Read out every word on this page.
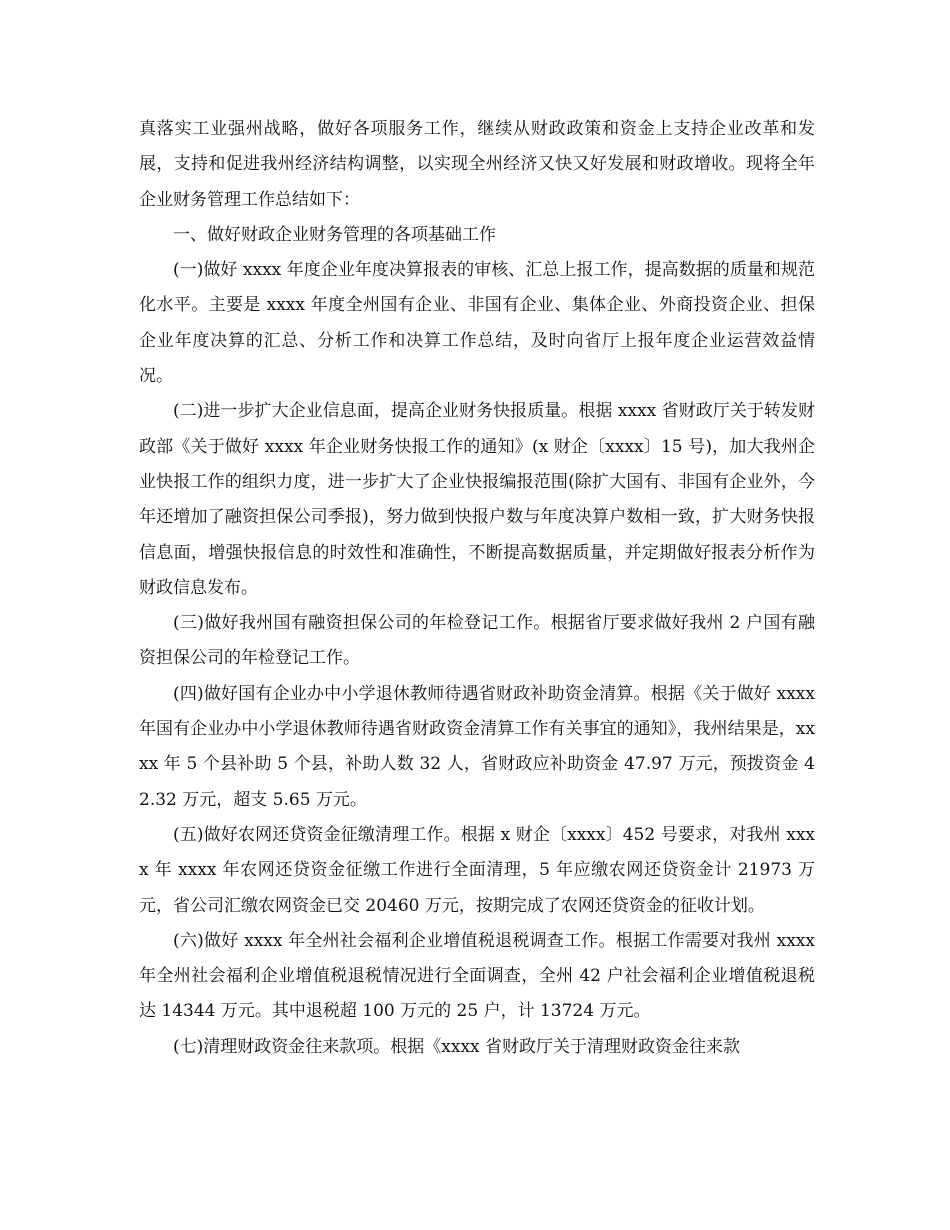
真落实工业强州战略，做好各项服务工作，继续从财政政策和资金上支持企业改革和发展，支持和促进我州经济结构调整，以实现全州经济又快又好发展和财政增收。现将全年企业财务管理工作总结如下：

一、做好财政企业财务管理的各项基础工作

(一)做好 xxxx 年度企业年度决算报表的审核、汇总上报工作，提高数据的质量和规范化水平。主要是 xxxx 年度全州国有企业、非国有企业、集体企业、外商投资企业、担保企业年度决算的汇总、分析工作和决算工作总结，及时向省厅上报年度企业运营效益情况。

(二)进一步扩大企业信息面，提高企业财务快报质量。根据 xxxx 省财政厅关于转发财政部《关于做好 xxxx 年企业财务快报工作的通知》(x 财企〔xxxx〕15 号)，加大我州企业快报工作的组织力度，进一步扩大了企业快报编报范围(除扩大国有、非国有企业外，今年还增加了融资担保公司季报)，努力做到快报户数与年度决算户数相一致，扩大财务快报信息面，增强快报信息的时效性和准确性，不断提高数据质量，并定期做好报表分析作为财政信息发布。

(三)做好我州国有融资担保公司的年检登记工作。根据省厅要求做好我州 2 户国有融资担保公司的年检登记工作。

(四)做好国有企业办中小学退休教师待遇省财政补助资金清算。根据《关于做好 xxxx 年国有企业办中小学退休教师待遇省财政资金清算工作有关事宜的通知》，我州结果是，xxxx 年 5 个县补助 5 个县，补助人数 32 人，省财政应补助资金 47.97 万元，预拨资金 42.32 万元，超支 5.65 万元。

(五)做好农网还贷资金征缴清理工作。根据 x 财企〔xxxx〕452 号要求，对我州 xxxx 年 xxxx 年农网还贷资金征缴工作进行全面清理，5 年应缴农网还贷资金计 21973 万元，省公司汇缴农网资金已交 20460 万元，按期完成了农网还贷资金的征收计划。

(六)做好 xxxx 年全州社会福利企业增值税退税调查工作。根据工作需要对我州 xxxx 年全州社会福利企业增值税退税情况进行全面调查，全州 42 户社会福利企业增值税退税达 14344 万元。其中退税超 100 万元的 25 户，计 13724 万元。

(七)清理财政资金往来款项。根据《xxxx 省财政厅关于清理财政资金往来款
